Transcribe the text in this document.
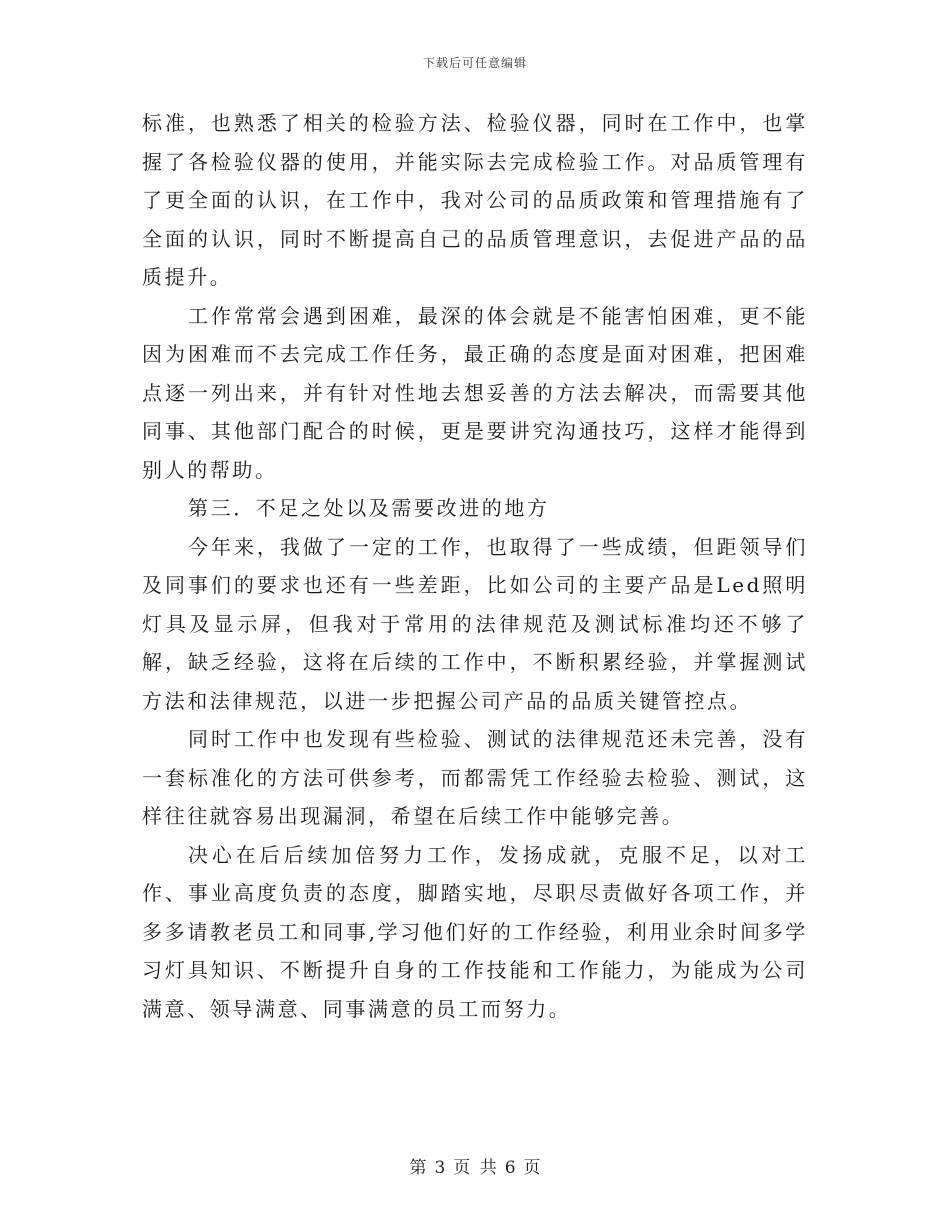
下载后可任意编辑

标准，也熟悉了相关的检验方法、检验仪器，同时在工作中，也掌握了各检验仪器的使用，并能实际去完成检验工作。对品质管理有了更全面的认识，在工作中，我对公司的品质政策和管理措施有了全面的认识，同时不断提高自己的品质管理意识，去促进产品的品质提升。

工作常常会遇到困难，最深的体会就是不能害怕困难，更不能因为困难而不去完成工作任务，最正确的态度是面对困难，把困难点逐一列出来，并有针对性地去想妥善的方法去解决，而需要其他同事、其他部门配合的时候，更是要讲究沟通技巧，这样才能得到别人的帮助。

第三．不足之处以及需要改进的地方

今年来，我做了一定的工作，也取得了一些成绩，但距领导们及同事们的要求也还有一些差距，比如公司的主要产品是Led照明灯具及显示屏，但我对于常用的法律规范及测试标准均还不够了解，缺乏经验，这将在后续的工作中，不断积累经验，并掌握测试方法和法律规范，以进一步把握公司产品的品质关键管控点。

同时工作中也发现有些检验、测试的法律规范还未完善，没有一套标准化的方法可供参考，而都需凭工作经验去检验、测试，这样往往就容易出现漏洞，希望在后续工作中能够完善。

决心在后后续加倍努力工作，发扬成就，克服不足，以对工作、事业高度负责的态度，脚踏实地，尽职尽责做好各项工作，并多多请教老员工和同事,学习他们好的工作经验，利用业余时间多学习灯具知识、不断提升自身的工作技能和工作能力，为能成为公司满意、领导满意、同事满意的员工而努力。

第 3 页 共 6 页
